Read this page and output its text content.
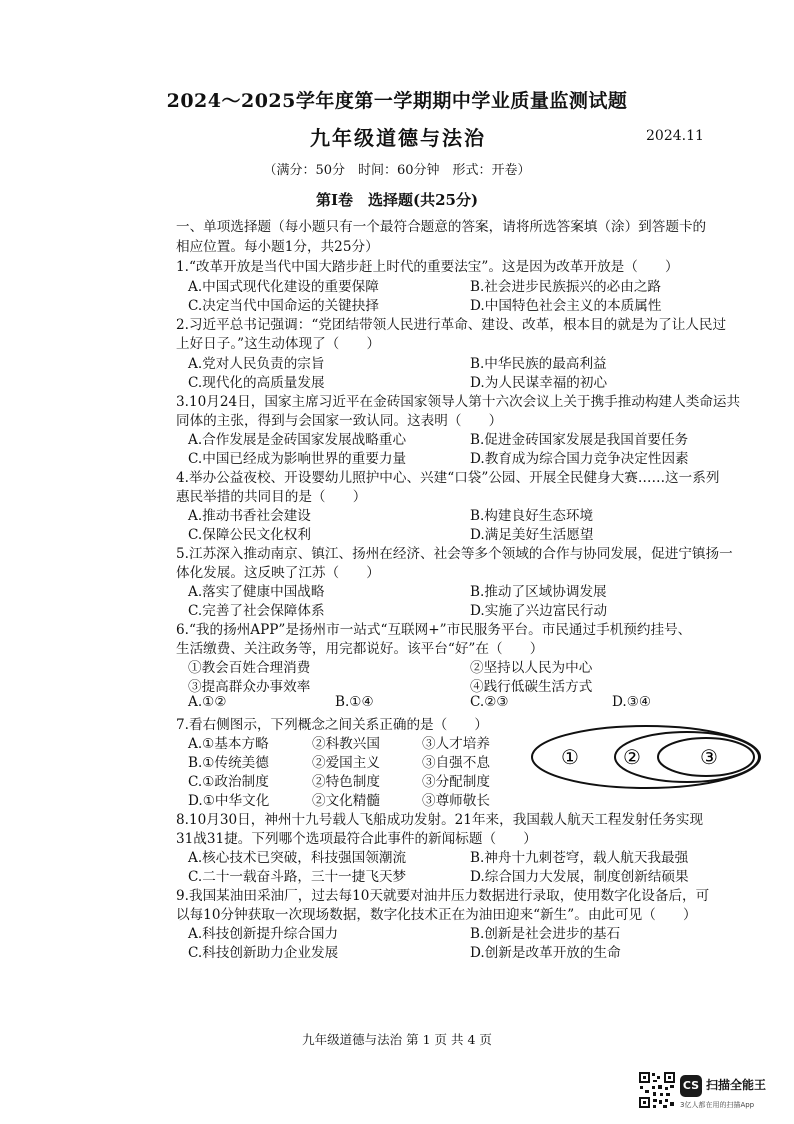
2024～2025学年度第一学期期中学业质量监测试题
九年级道德与法治	2024.11
（满分：50分　时间：60分钟　形式：开卷）
第Ⅰ卷　选择题(共25分)
一、单项选择题（每小题只有一个最符合题意的答案，请将所选答案填（涂）到答题卡的
相应位置。每小题1分，共25分）
1.“改革开放是当代中国大踏步赶上时代的重要法宝”。这是因为改革开放是（　　）
A.中国式现代化建设的重要保障	B.社会进步民族振兴的必由之路
C.决定当代中国命运的关键抉择	D.中国特色社会主义的本质属性
2.习近平总书记强调：“党团结带领人民进行革命、建设、改革，根本目的就是为了让人民过
上好日子。”这生动体现了（　　）
A.党对人民负责的宗旨	B.中华民族的最高利益
C.现代化的高质量发展	D.为人民谋幸福的初心
3.10月24日，国家主席习近平在金砖国家领导人第十六次会议上关于携手推动构建人类命运共
同体的主张，得到与会国家一致认同。这表明（　　）
A.合作发展是金砖国家发展战略重心	B.促进金砖国家发展是我国首要任务
C.中国已经成为影响世界的重要力量	D.教育成为综合国力竞争决定性因素
4.举办公益夜校、开设婴幼儿照护中心、兴建“口袋”公园、开展全民健身大赛……这一系列
惠民举措的共同目的是（　　）
A.推动书香社会建设	B.构建良好生态环境
C.保障公民文化权利	D.满足美好生活愿望
5.江苏深入推动南京、镇江、扬州在经济、社会等多个领域的合作与协同发展，促进宁镇扬一
体化发展。这反映了江苏（　　）
A.落实了健康中国战略	B.推动了区域协调发展
C.完善了社会保障体系	D.实施了兴边富民行动
6.“我的扬州APP”是扬州市一站式“互联网+”市民服务平台。市民通过手机预约挂号、
生活缴费、关注政务等，用完都说好。该平台“好”在（　　）
①教会百姓合理消费	②坚持以人民为中心
③提高群众办事效率	④践行低碳生活方式
A.①②	B.①④	C.②③	D.③④
7.看右侧图示，下列概念之间关系正确的是（　　）
A.①基本方略	②科教兴国	③人才培养
B.①传统美德	②爱国主义	③自强不息
C.①政治制度	②特色制度	③分配制度
D.①中华文化	②文化精髓	③尊师敬长
① ②	③
8.10月30日，神州十九号载人飞船成功发射。21年来，我国载人航天工程发射任务实现
31战31捷。下列哪个选项最符合此事件的新闻标题（　　）
A.核心技术已突破，科技强国领潮流	B.神舟十九刺苍穹，载人航天我最强
C.二十一载奋斗路，三十一捷飞天梦	D.综合国力大发展，制度创新结硕果
9.我国某油田采油厂，过去每10天就要对油井压力数据进行录取，使用数字化设备后，可
以每10分钟获取一次现场数据，数字化技术正在为油田迎来“新生”。由此可见（　　）
A.科技创新提升综合国力	B.创新是社会进步的基石
C.科技创新助力企业发展	D.创新是改革开放的生命
九年级道德与法治 第 1 页 共 4 页
CS 扫描全能王
3亿人都在用的扫描App
